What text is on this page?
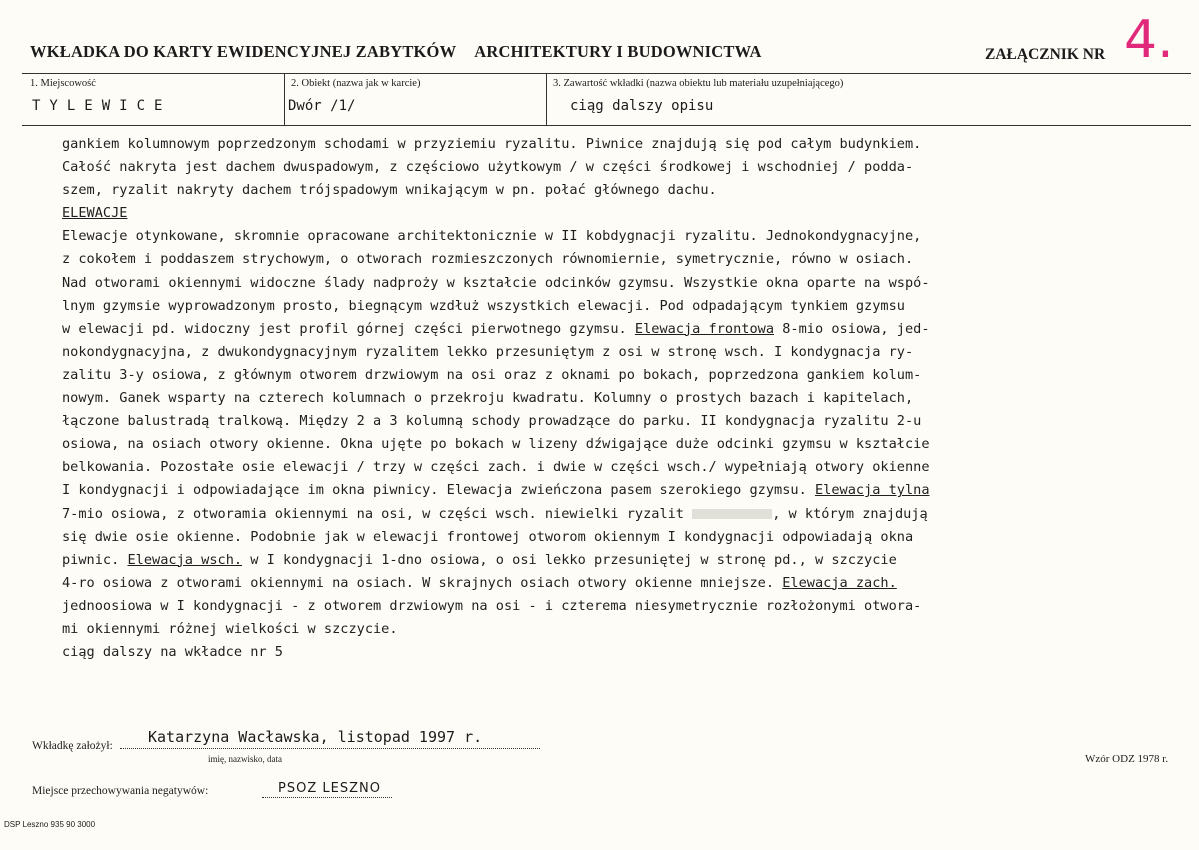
WKŁADKA DO KARTY EWIDENCYJNEJ ZABYTKÓW ARCHITEKTURY I BUDOWNICTWA	ZAŁĄCZNIK NR 4.
1. Miejscowość
TYLEWICE
2. Obiekt (nazwa jak w karcie)
Dwór /1/
3. Zawartość wkładki (nazwa obiektu lub materiału uzupełniającego)
ciąg dalszy opisu
gankiem kolumnowym poprzedzonym schodami w przyziemiu ryzalitu. Piwnice znajdują się pod całym budynkiem.
Całość nakryta jest dachem dwuspadowym, z częściowo użytkowym / w części środkowej i wschodniej / podda-
szem, ryzalit nakryty dachem trójspadowym wnikającym w pn. połać głównego dachu.
ELEWACJE
Elewacje otynkowane, skromnie opracowane architektonicznie w II kobdygnacji ryzalitu. Jednokondygnacyjne,
z cokołem i poddaszem strychowym, o otworach rozmieszczonych równomiernie, symetrycznie, równo w osiach.
Nad otworami okiennymi widoczne ślady nadproży w kształcie odcinków gzymsu. Wszystkie okna oparte na wspó-
lnym gzymsie wyprowadzonym prosto, biegnącym wzdłuż wszystkich elewacji. Pod odpadającym tynkiem gzymsu
w elewacji pd. widoczny jest profil górnej części pierwotnego gzymsu. Elewacja frontowa 8-mio osiowa, jed-
nokondygnacyjna, z dwukondygnacyjnym ryzalitem lekko przesuniętym z osi w stronę wsch. I kondygnacja ry-
zalitu 3-y osiowa, z głównym otworem drzwiowym na osi oraz z oknami po bokach, poprzedzona gankiem kolum-
nowym. Ganek wsparty na czterech kolumnach o przekroju kwadratu. Kolumny o prostych bazach i kapitelach,
łączone balustradą tralkową. Między 2 a 3 kolumną schody prowadzące do parku. II kondygnacja ryzalitu 2-u
osiowa, na osiach otwory okienne. Okna ujęte po bokach w lizeny dźwigające duże odcinki gzymsu w kształcie
belkowania. Pozostałe osie elewacji / trzy w części zach. i dwie w części wsch./ wypełniają otwory okienne
I kondygnacji i odpowiadające im okna piwnicy. Elewacja zwieńczona pasem szerokiego gzymsu. Elewacja tylna
7-mio osiowa, z otworamia okiennymi na osi, w części wsch. niewielki ryzalit	, w którym znajdują
się dwie osie okienne. Podobnie jak w elewacji frontowej otworom okiennym I kondygnacji odpowiadają okna
piwnic. Elewacja wsch. w I kondygnacji 1-dno osiowa, o osi lekko przesuniętej w stronę pd., w szczycie
4-ro osiowa z otworami okiennymi na osiach. W skrajnych osiach otwory okienne mniejsze. Elewacja zach.
jednoosiowa w I kondygnacji - z otworem drzwiowym na osi - i czterema niesymetrycznie rozłożonymi otwora-
mi okiennymi różnej wielkości w szczycie.
ciąg dalszy na wkładce nr 5
Wkładkę założył: Katarzyna Wacławska, listopad 1997 r.
imię, nazwisko, data	Wzór ODZ 1978 r.
Miejsce przechowywania negatywów:	PSOZ LESZNO
DSP Leszno 935 90 3000
